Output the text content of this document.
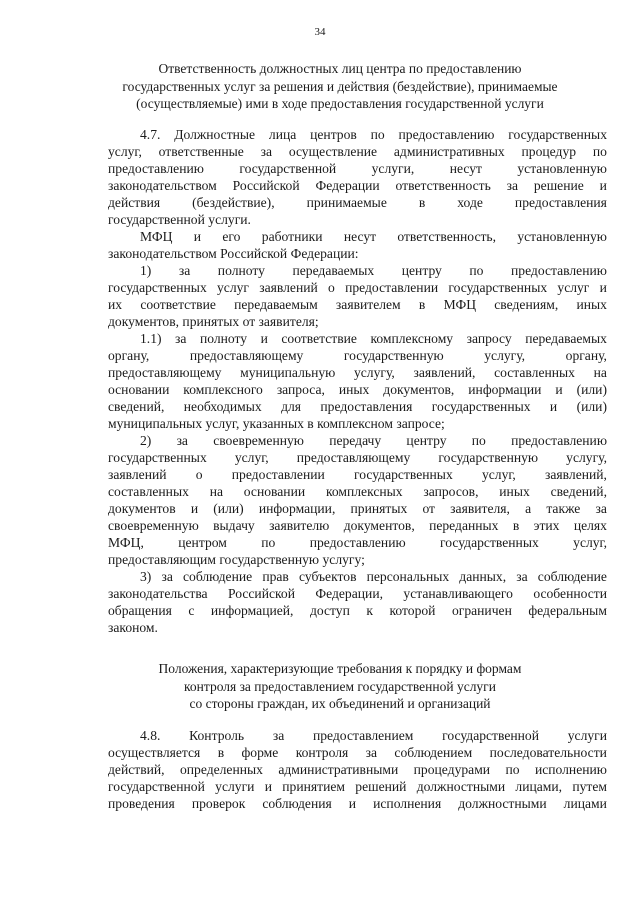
34
Ответственность должностных лиц центра по предоставлению
государственных услуг за решения и действия (бездействие), принимаемые
(осуществляемые) ими в ходе предоставления государственной услуги
4.7. Должностные лица центров по предоставлению государственных
услуг, ответственные за осуществление административных процедур по
предоставлению	государственной	услуги,	несут	установленную
законодательством Российской Федерации ответственность за решение и
действия (бездействие), принимаемые в ходе предоставления
государственной услуги.
МФЦ и его работники несут ответственность, установленную
законодательством Российской Федерации:
1) за полноту передаваемых центру по предоставлению
государственных услуг заявлений о предоставлении государственных услуг и
их соответствие передаваемым заявителем в МФЦ сведениям, иных
документов, принятых от заявителя;
1.1) за полноту и соответствие комплексному запросу передаваемых
органу,	предоставляющему	государственную	услугу,	органу,
предоставляющему муниципальную услугу, заявлений, составленных на
основании комплексного запроса, иных документов, информации и (или)
сведений, необходимых для предоставления государственных и (или)
муниципальных услуг, указанных в комплексном запросе;
2) за своевременную передачу центру по предоставлению
государственных услуг, предоставляющему государственную услугу,
заявлений о предоставлении государственных услуг, заявлений,
составленных на основании комплексных запросов, иных сведений,
документов и (или) информации, принятых от заявителя, а также за
своевременную выдачу заявителю документов, переданных в этих целях
МФЦ,	центром	по	предоставлению	государственных	услуг,
предоставляющим государственную услугу;
3) за соблюдение прав субъектов персональных данных, за соблюдение
законодательства Российской Федерации, устанавливающего особенности
обращения с информацией, доступ к которой ограничен федеральным
законом.
Положения, характеризующие требования к порядку и формам
контроля за предоставлением государственной услуги
со стороны граждан, их объединений и организаций
4.8. Контроль за предоставлением государственной услуги
осуществляется в форме контроля за соблюдением последовательности
действий, определенных административными процедурами по исполнению
государственной услуги и принятием решений должностными лицами, путем
проведения проверок соблюдения и исполнения должностными лицами
